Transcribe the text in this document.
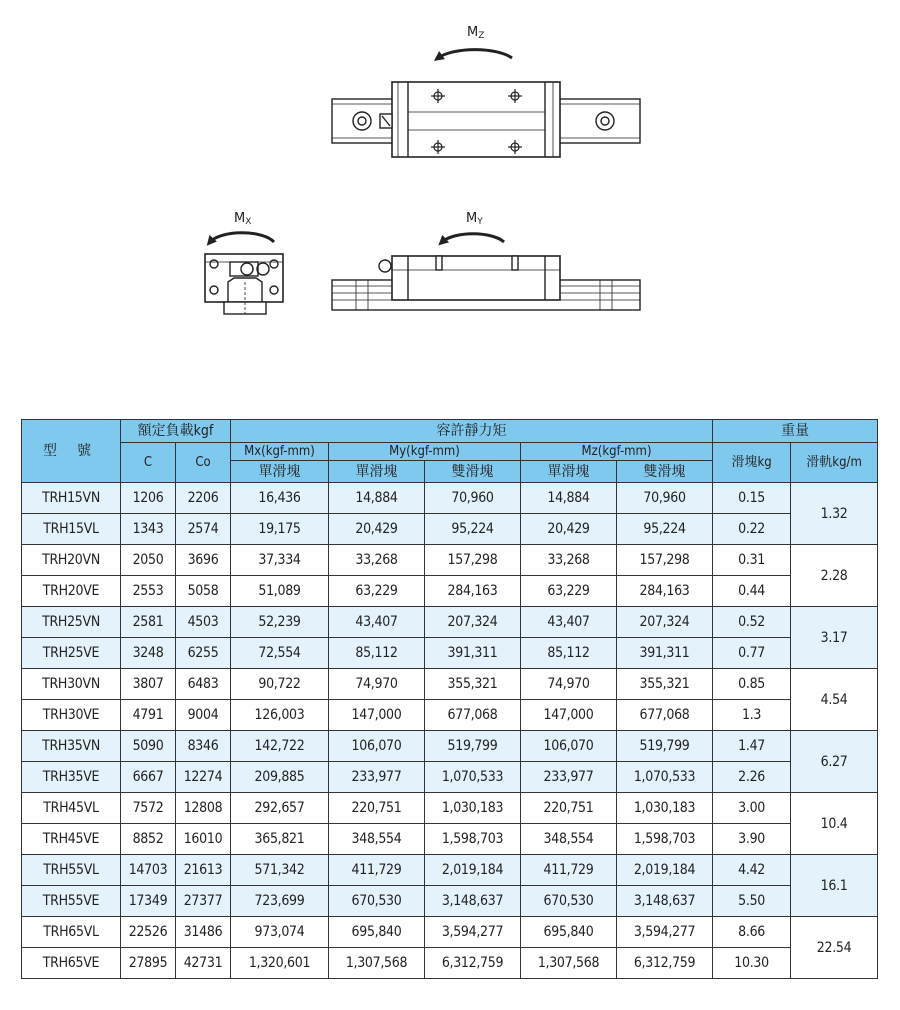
MZ
MX	MY
型 號	額定負載kgf		容許靜力矩					重量	
	C	Co	Mx(kgf-mm)	My(kgf-mm)		Mz(kgf-mm)		滑塊kg	滑軌kg/m
			單滑塊	單滑塊	雙滑塊	單滑塊	雙滑塊		
TRH15VN	1206	2206	16,436	14,884	70,960	14,884	70,960	0.15	1.32
TRH15VL	1343	2574	19,175	20,429	95,224	20,429	95,224	0.22	
TRH20VN	2050	3696	37,334	33,268	157,298	33,268	157,298	0.31	2.28
TRH20VE	2553	5058	51,089	63,229	284,163	63,229	284,163	0.44	
TRH25VN	2581	4503	52,239	43,407	207,324	43,407	207,324	0.52	3.17
TRH25VE	3248	6255	72,554	85,112	391,311	85,112	391,311	0.77	
TRH30VN	3807	6483	90,722	74,970	355,321	74,970	355,321	0.85	4.54
TRH30VE	4791	9004	126,003	147,000	677,068	147,000	677,068	1.3	
TRH35VN	5090	8346	142,722	106,070	519,799	106,070	519,799	1.47	6.27
TRH35VE	6667	12274	209,885	233,977	1,070,533	233,977	1,070,533	2.26	
TRH45VL	7572	12808	292,657	220,751	1,030,183	220,751	1,030,183	3.00	10.4
TRH45VE	8852	16010	365,821	348,554	1,598,703	348,554	1,598,703	3.90	
TRH55VL	14703	21613	571,342	411,729	2,019,184	411,729	2,019,184	4.42	16.1
TRH55VE	17349	27377	723,699	670,530	3,148,637	670,530	3,148,637	5.50	
TRH65VL	22526	31486	973,074	695,840	3,594,277	695,840	3,594,277	8.66	22.54
TRH65VE	27895	42731	1,320,601	1,307,568	6,312,759	1,307,568	6,312,759	10.30	
